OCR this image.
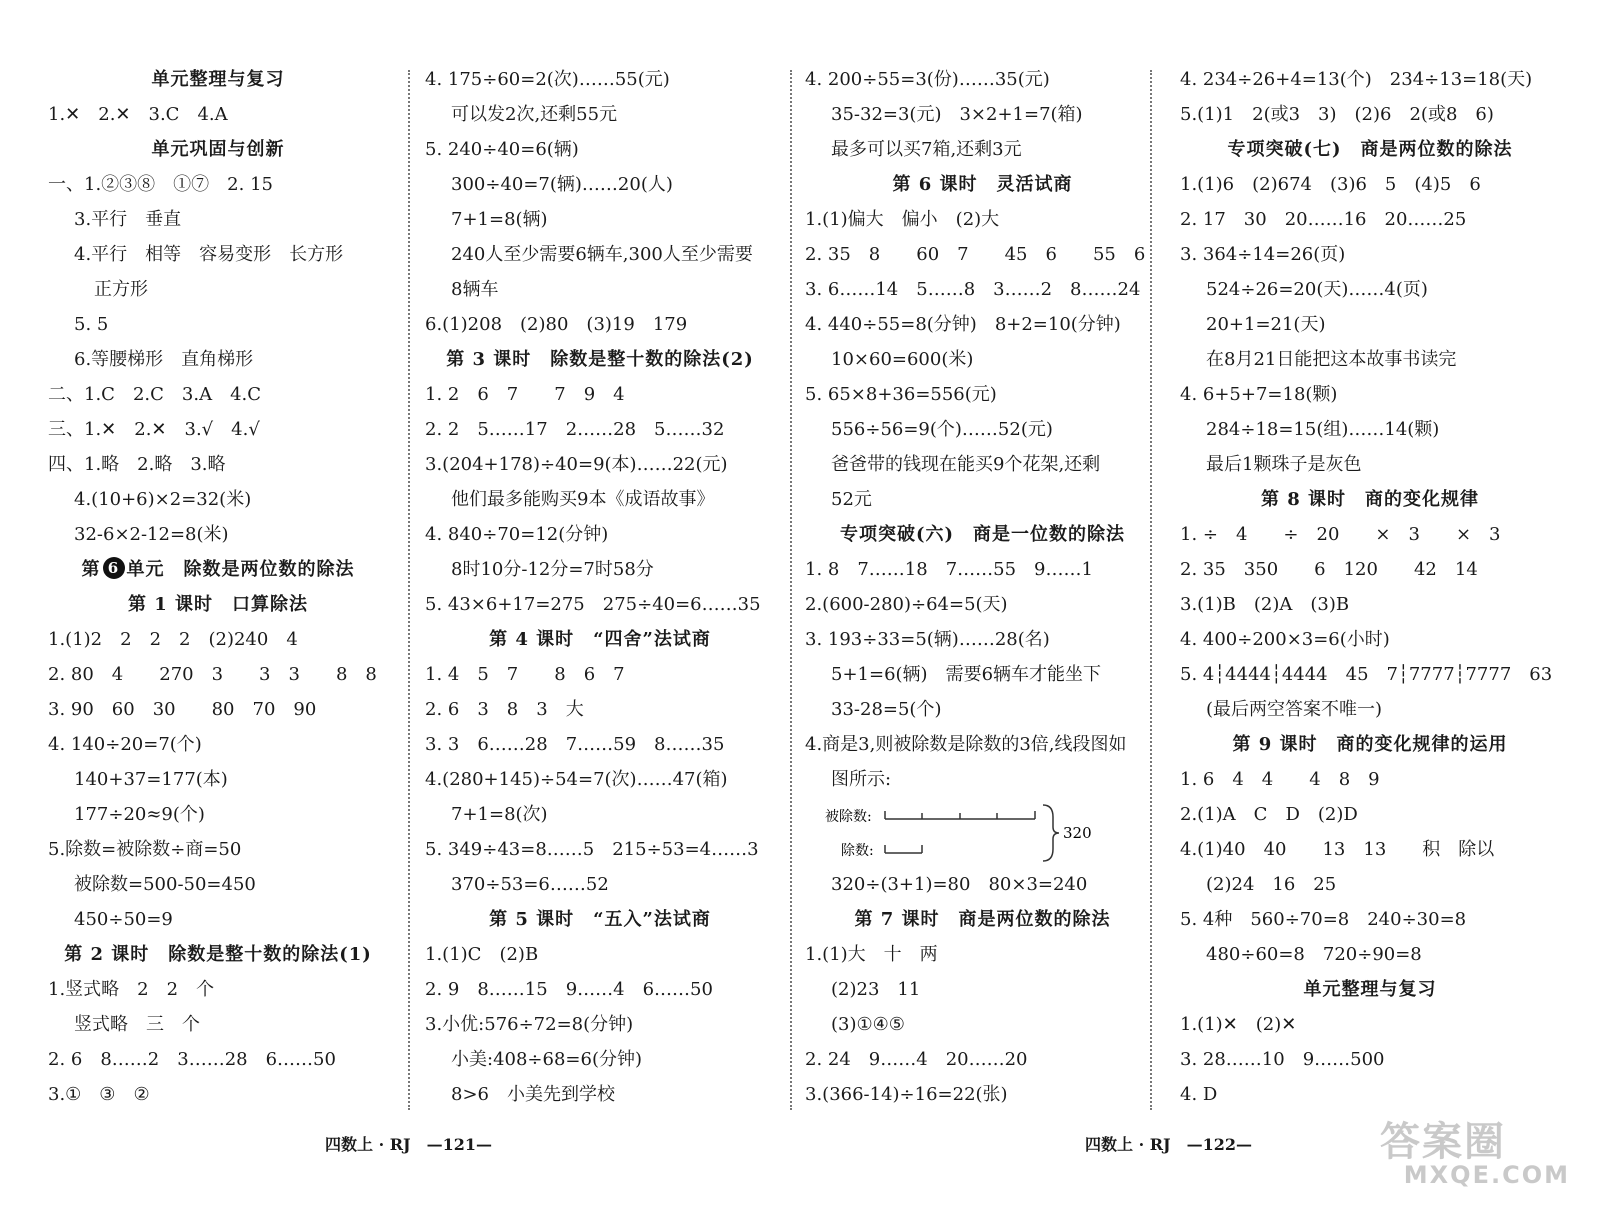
单元整理与复习
1.✕　2.✕　3.C　4.A
单元巩固与创新
一、1.②③⑧　①⑦　2. 15
3.平行　垂直
4.平行　相等　容易变形　长方形
正方形
5. 5
6.等腰梯形　直角梯形
二、1.C　2.C　3.A　4.C
三、1.✕　2.✕　3.√　4.√
四、1.略　2.略　3.略
4.(10+6)×2=32(米)
32-6×2-12=8(米)
第 6 单元　除数是两位数的除法
第 1 课时　口算除法
1.(1)2　2　2　2　(2)240　4
2. 80　4　　270　3　　3　3　　8　8
3. 90　60　30　　80　70　90
4. 140÷20=7(个)
140+37=177(本)
177÷20≈9(个)
5.除数=被除数÷商=50
被除数=500-50=450
450÷50=9
第 2 课时　除数是整十数的除法(1)
1.竖式略　2　2　个
竖式略　三　个
2. 6　8……2　3……28　6……50
3.①　③　②
4. 175÷60=2(次)……55(元)
可以发2次,还剩55元
5. 240÷40=6(辆)
300÷40=7(辆)……20(人)
7+1=8(辆)
240人至少需要6辆车,300人至少需要
8辆车
6.(1)208　(2)80　(3)19　179
第 3 课时　除数是整十数的除法(2)
1. 2　6　7　　7　9　4
2. 2　5……17　2……28　5……32
3.(204+178)÷40=9(本)……22(元)
他们最多能购买9本《成语故事》
4. 840÷70=12(分钟)
8时10分-12分=7时58分
5. 43×6+17=275　275÷40=6……35
第 4 课时　“四舍”法试商
1. 4　5　7　　8　6　7
2. 6　3　8　3　大
3. 3　6……28　7……59　8……35
4.(280+145)÷54=7(次)……47(箱)
7+1=8(次)
5. 349÷43=8……5　215÷53=4……3
370÷53=6……52
第 5 课时　“五入”法试商
1.(1)C　(2)B
2. 9　8……15　9……4　6……50
3.小优:576÷72=8(分钟)
小美:408÷68=6(分钟)
8>6　小美先到学校
4. 200÷55=3(份)……35(元)
35-32=3(元)　3×2+1=7(箱)
最多可以买7箱,还剩3元
第 6 课时　灵活试商
1.(1)偏大　偏小　(2)大
2. 35　8　　60　7　　45　6　　55　6
3. 6……14　5……8　3……2　8……24
4. 440÷55=8(分钟)　8+2=10(分钟)
10×60=600(米)
5. 65×8+36=556(元)
556÷56=9(个)……52(元)
爸爸带的钱现在能买9个花架,还剩
52元
专项突破(六)　商是一位数的除法
1. 8　7……18　7……55　9……1
2.(600-280)÷64=5(天)
3. 193÷33=5(辆)……28(名)
5+1=6(辆)　需要6辆车才能坐下
33-28=5(个)
4.商是3,则被除数是除数的3倍,线段图如
图所示:
被除数:
除数:
320
320÷(3+1)=80　80×3=240
第 7 课时　商是两位数的除法
1.(1)大　十　两
(2)23　11
(3)①④⑤
2. 24　9……4　20……20
3.(366-14)÷16=22(张)
4. 234÷26+4=13(个)　234÷13=18(天)
5.(1)1　2(或3　3)　(2)6　2(或8　6)
专项突破(七)　商是两位数的除法
1.(1)6　(2)674　(3)6　5　(4)5　6
2. 17　30　20……16　20……25
3. 364÷14=26(页)
524÷26=20(天)……4(页)
20+1=21(天)
在8月21日能把这本故事书读完
4. 6+5+7=18(颗)
284÷18=15(组)……14(颗)
最后1颗珠子是灰色
第 8 课时　商的变化规律
1. ÷　4　　÷　20　　×　3　　×　3
2. 35　350　　6　120　　42　14
3.(1)B　(2)A　(3)B
4. 400÷200×3=6(小时)
5. 4┆4444┆4444　45　7┆7777┆7777　63
(最后两空答案不唯一)
第 9 课时　商的变化规律的运用
1. 6　4　4　　4　8　9
2.(1)A　C　D　(2)D
4.(1)40　40　　13　13　　积　除以
(2)24　16　25
5. 4种　560÷70=8　240÷30=8
480÷60=8　720÷90=8
单元整理与复习
1.(1)✕　(2)✕
3. 28……10　9……500
4. D
四数上 · RJ　—121—	四数上 · RJ　—122—	答案圈
MXQE.COM
